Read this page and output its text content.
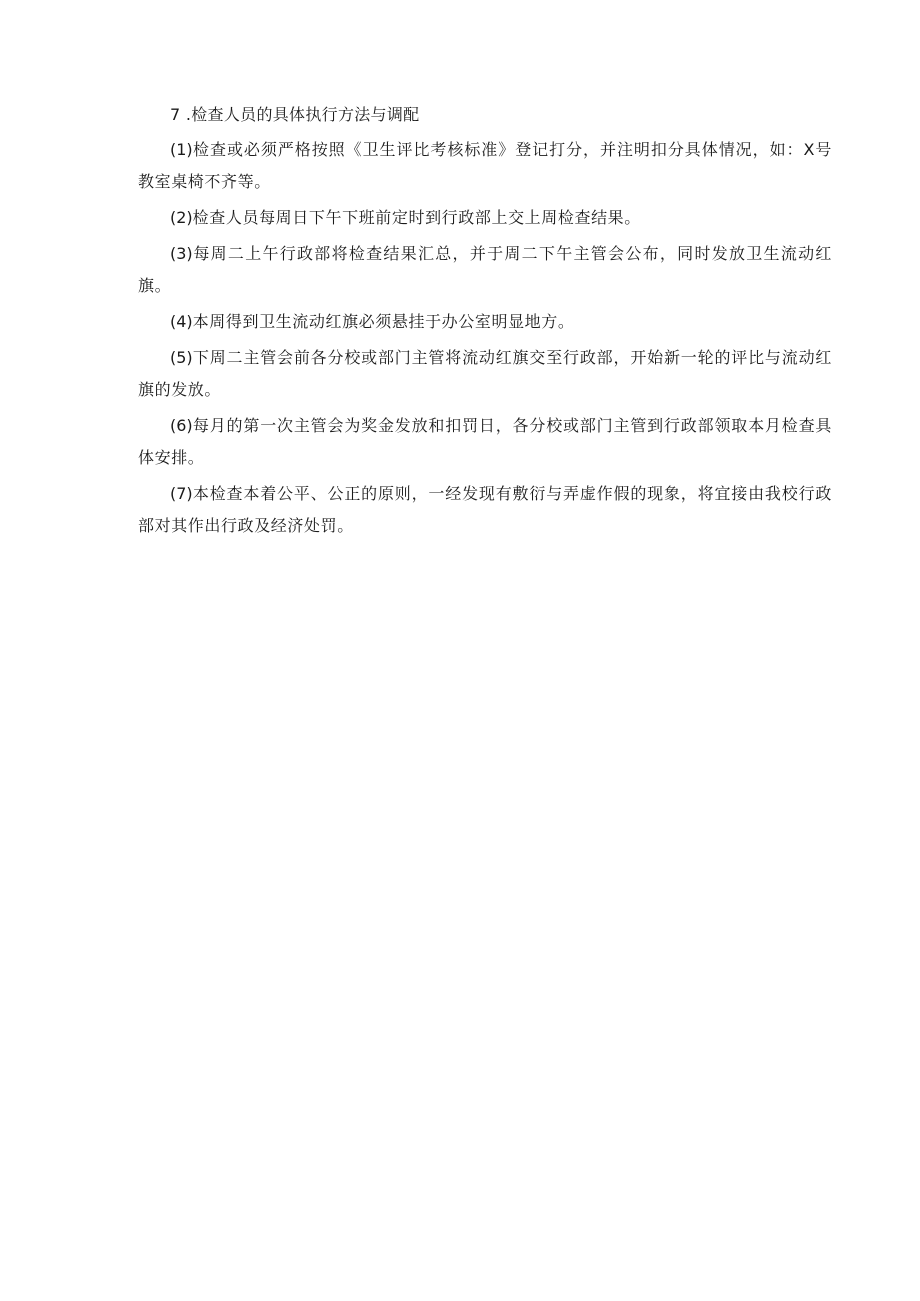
7 .检查人员的具体执行方法与调配

(1)检查或必须严格按照《卫生评比考核标准》登记打分，并注明扣分具体情况，如：X号教室桌椅不齐等。

(2)检查人员每周日下午下班前定时到行政部上交上周检查结果。

(3)每周二上午行政部将检查结果汇总，并于周二下午主管会公布，同时发放卫生流动红旗。

(4)本周得到卫生流动红旗必须悬挂于办公室明显地方。

(5)下周二主管会前各分校或部门主管将流动红旗交至行政部，开始新一轮的评比与流动红旗的发放。

(6)每月的第一次主管会为奖金发放和扣罚日，各分校或部门主管到行政部领取本月检查具体安排。

(7)本检查本着公平、公正的原则，一经发现有敷衍与弄虚作假的现象，将宜接由我校行政部对其作出行政及经济处罚。
